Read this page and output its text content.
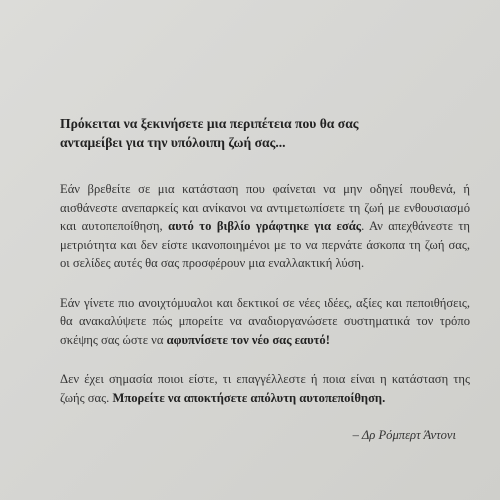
Πρόκειται να ξεκινήσετε μια περιπέτεια που θα σας
ανταμείβει για την υπόλοιπη ζωή σας...

Εάν βρεθείτε σε μια κατάσταση που φαίνεται να μην οδηγεί πουθενά, ή αισθάνεστε ανεπαρκείς και ανίκανοι να αντιμετωπίσετε τη ζωή με ενθουσιασμό και αυτοπεποίθηση, αυτό το βιβλίο γράφτηκε για εσάς. Αν απεχθάνεστε τη μετριότητα και δεν είστε ικανοποιημένοι με το να περνάτε άσκοπα τη ζωή σας, οι σελίδες αυτές θα σας προσφέρουν μια εναλλακτική λύση.

Εάν γίνετε πιο ανοιχτόμυαλοι και δεκτικοί σε νέες ιδέες, αξίες και πεποιθήσεις, θα ανακαλύψετε πώς μπορείτε να αναδιοργανώσετε συστηματικά τον τρόπο σκέψης σας ώστε να αφυπνίσετε τον νέο σας εαυτό!

Δεν έχει σημασία ποιοι είστε, τι επαγγέλλεστε ή ποια είναι η κατάσταση της ζωής σας. Μπορείτε να αποκτήσετε απόλυτη αυτοπεποίθηση.

– Δρ Ρόμπερτ Άντονι
